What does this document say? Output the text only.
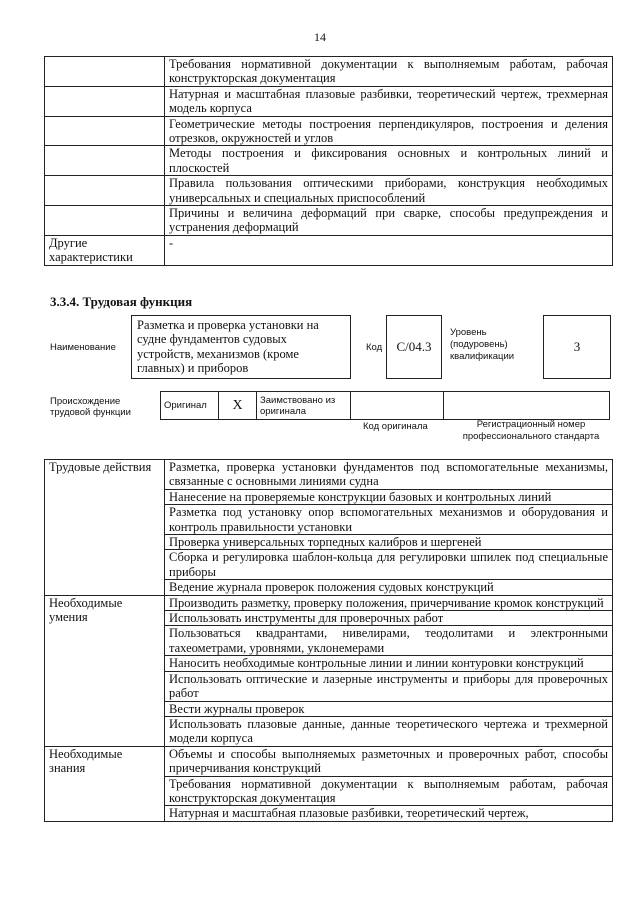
14
	Требования нормативной документации к выполняемым работам, рабочая конструкторская документация
	Натурная и масштабная плазовые разбивки, теоретический чертеж, трехмерная модель корпуса
	Геометрические методы построения перпендикуляров, построения и деления отрезков, окружностей и углов
	Методы построения и фиксирования основных и контрольных линий и плоскостей
	Правила пользования оптическими приборами, конструкция необходимых универсальных и специальных приспособлений
	Причины и величина деформаций при сварке, способы предупреждения и устранения деформаций
Другие характеристики	-
3.3.4. Трудовая функция
Наименование
Разметка и проверка установки на судне фундаментов судовых устройств, механизмов (кроме главных) и приборов
Код	C/04.3
Уровень (подуровень) квалификации
3
Происхождение трудовой функции
Оригинал	X	Заимствовано из оригинала		
Код оригинала	Регистрационный номер профессионального стандарта
Трудовые действия	Разметка, проверка установки фундаментов под вспомогательные механизмы, связанные с основными линиями судна
	Нанесение на проверяемые конструкции базовых и контрольных линий
	Разметка под установку опор вспомогательных механизмов и оборудования и контроль правильности установки
	Проверка универсальных торпедных калибров и шергеней
	Сборка и регулировка шаблон-кольца для регулировки шпилек под специальные приборы
	Ведение журнала проверок положения судовых конструкций
Необходимые умения	Производить разметку, проверку положения, причерчивание кромок конструкций
	Использовать инструменты для проверочных работ
	Пользоваться квадрантами, нивелирами, теодолитами и электронными тахеометрами, уровнями, уклонемерами
	Наносить необходимые контрольные линии и линии контуровки конструкций
	Использовать оптические и лазерные инструменты и приборы для проверочных работ
	Вести журналы проверок
	Использовать плазовые данные, данные теоретического чертежа и трехмерной модели корпуса
Необходимые знания	Объемы и способы выполняемых разметочных и проверочных работ, способы причерчивания конструкций
	Требования нормативной документации к выполняемым работам, рабочая конструкторская документация
	Натурная и масштабная плазовые разбивки, теоретический чертеж,
